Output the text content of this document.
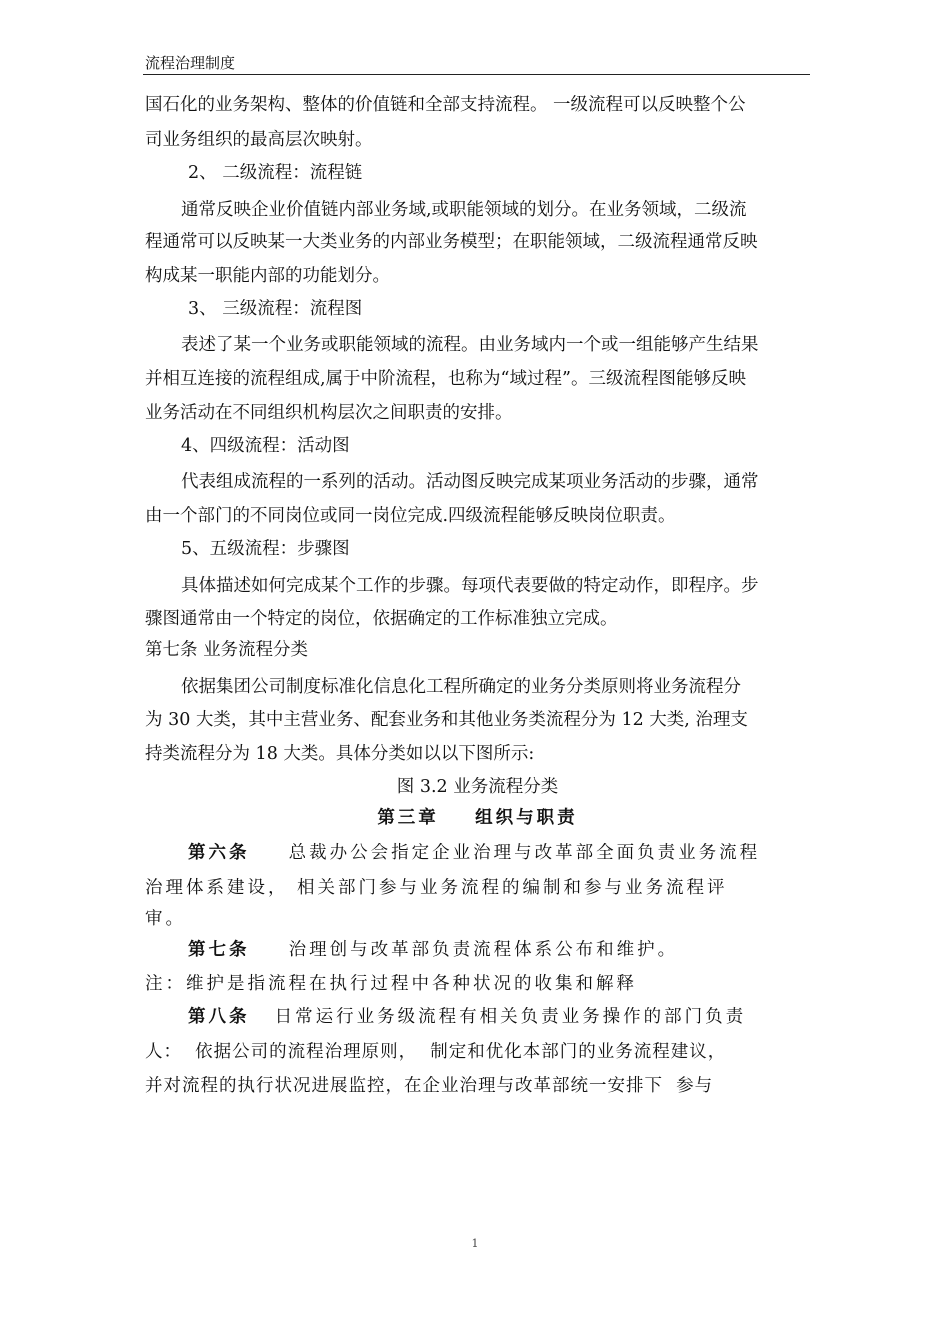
流程治理制度
国石化的业务架构、整体的价值链和全部支持流程。 一级流程可以反映整个公
司业务组织的最高层次映射。
2、 二级流程：流程链
通常反映企业价值链内部业务域,或职能领域的划分。在业务领域，二级流
程通常可以反映某一大类业务的内部业务模型；在职能领域，二级流程通常反映
构成某一职能内部的功能划分。
3、 三级流程：流程图
表述了某一个业务或职能领域的流程。由业务域内一个或一组能够产生结果
并相互连接的流程组成,属于中阶流程，也称为“域过程”。三级流程图能够反映
业务活动在不同组织机构层次之间职责的安排。
4、四级流程：活动图
代表组成流程的一系列的活动。活动图反映完成某项业务活动的步骤，通常
由一个部门的不同岗位或同一岗位完成.四级流程能够反映岗位职责。
5、五级流程：步骤图
具体描述如何完成某个工作的步骤。每项代表要做的特定动作，即程序。步
骤图通常由一个特定的岗位，依据确定的工作标准独立完成。
第七条 业务流程分类
依据集团公司制度标准化信息化工程所确定的业务分类原则将业务流程分
为 30 大类，其中主营业务、配套业务和其他业务类流程分为 12 大类, 治理支
持类流程分为 18 大类。具体分类如以以下图所示:
图 3.2 业务流程分类
第三章    组织与职责
第六条 总裁办公会指定企业治理与改革部全面负责业务流程
治理体系建设， 相关部门参与业务流程的编制和参与业务流程评
审。
第七条 治理创与改革部负责流程体系公布和维护。
注：维护是指流程在执行过程中各种状况的收集和解释
第八条 日常运行业务级流程有相关负责业务操作的部门负责
人：  依据公司的流程治理原则，  制定和优化本部门的业务流程建议，
并对流程的执行状况进展监控，在企业治理与改革部统一安排下  参与
1
